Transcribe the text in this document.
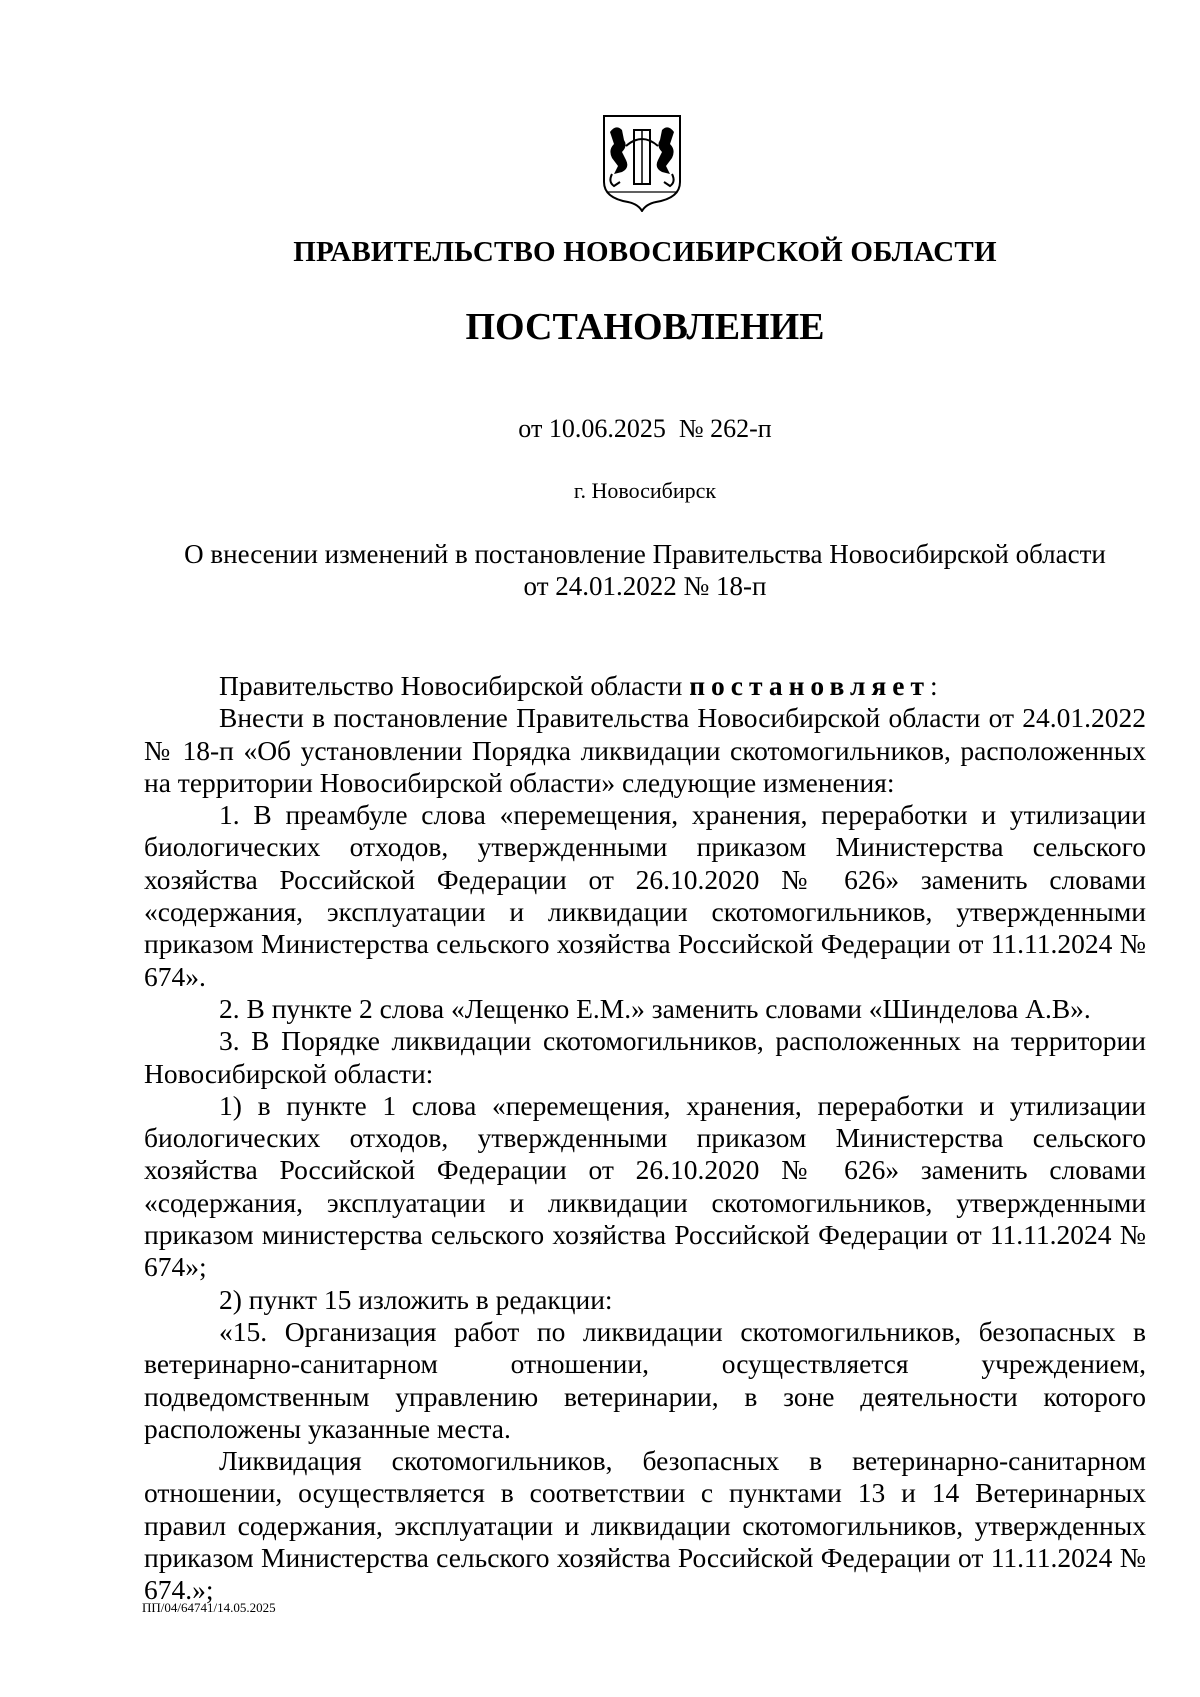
ПРАВИТЕЛЬСТВО НОВОСИБИРСКОЙ ОБЛАСТИ
ПОСТАНОВЛЕНИЕ
от 10.06.2025  № 262-п
г. Новосибирск
О внесении изменений в постановление Правительства Новосибирской области
от 24.01.2022 № 18-п

Правительство Новосибирской области постановляет:

Внести в постановление Правительства Новосибирской области от 24.01.2022 № 18-п «Об установлении Порядка ликвидации скотомогильников, расположенных на территории Новосибирской области» следующие изменения:

1. В преамбуле слова «перемещения, хранения, переработки и утилизации биологических отходов, утвержденными приказом Министерства сельского хозяйства Российской Федерации от 26.10.2020 № 626» заменить словами «содержания, эксплуатации и ликвидации скотомогильников, утвержденными приказом Министерства сельского хозяйства Российской Федерации от 11.11.2024 № 674».

2. В пункте 2 слова «Лещенко Е.М.» заменить словами «Шинделова А.В».

3. В Порядке ликвидации скотомогильников, расположенных на территории Новосибирской области:

1) в пункте 1 слова «перемещения, хранения, переработки и утилизации биологических отходов, утвержденными приказом Министерства сельского хозяйства Российской Федерации от 26.10.2020 № 626» заменить словами «содержания, эксплуатации и ликвидации скотомогильников, утвержденными приказом министерства сельского хозяйства Российской Федерации от 11.11.2024 № 674»;

2) пункт 15 изложить в редакции:

«15. Организация работ по ликвидации скотомогильников, безопасных в ветеринарно-санитарном отношении, осуществляется учреждением, подведомственным управлению ветеринарии, в зоне деятельности которого расположены указанные места.

Ликвидация скотомогильников, безопасных в ветеринарно-санитарном отношении, осуществляется в соответствии с пунктами 13 и 14 Ветеринарных правил содержания, эксплуатации и ликвидации скотомогильников, утвержденных приказом Министерства сельского хозяйства Российской Федерации от 11.11.2024 № 674.»;

ПП/04/64741/14.05.2025
